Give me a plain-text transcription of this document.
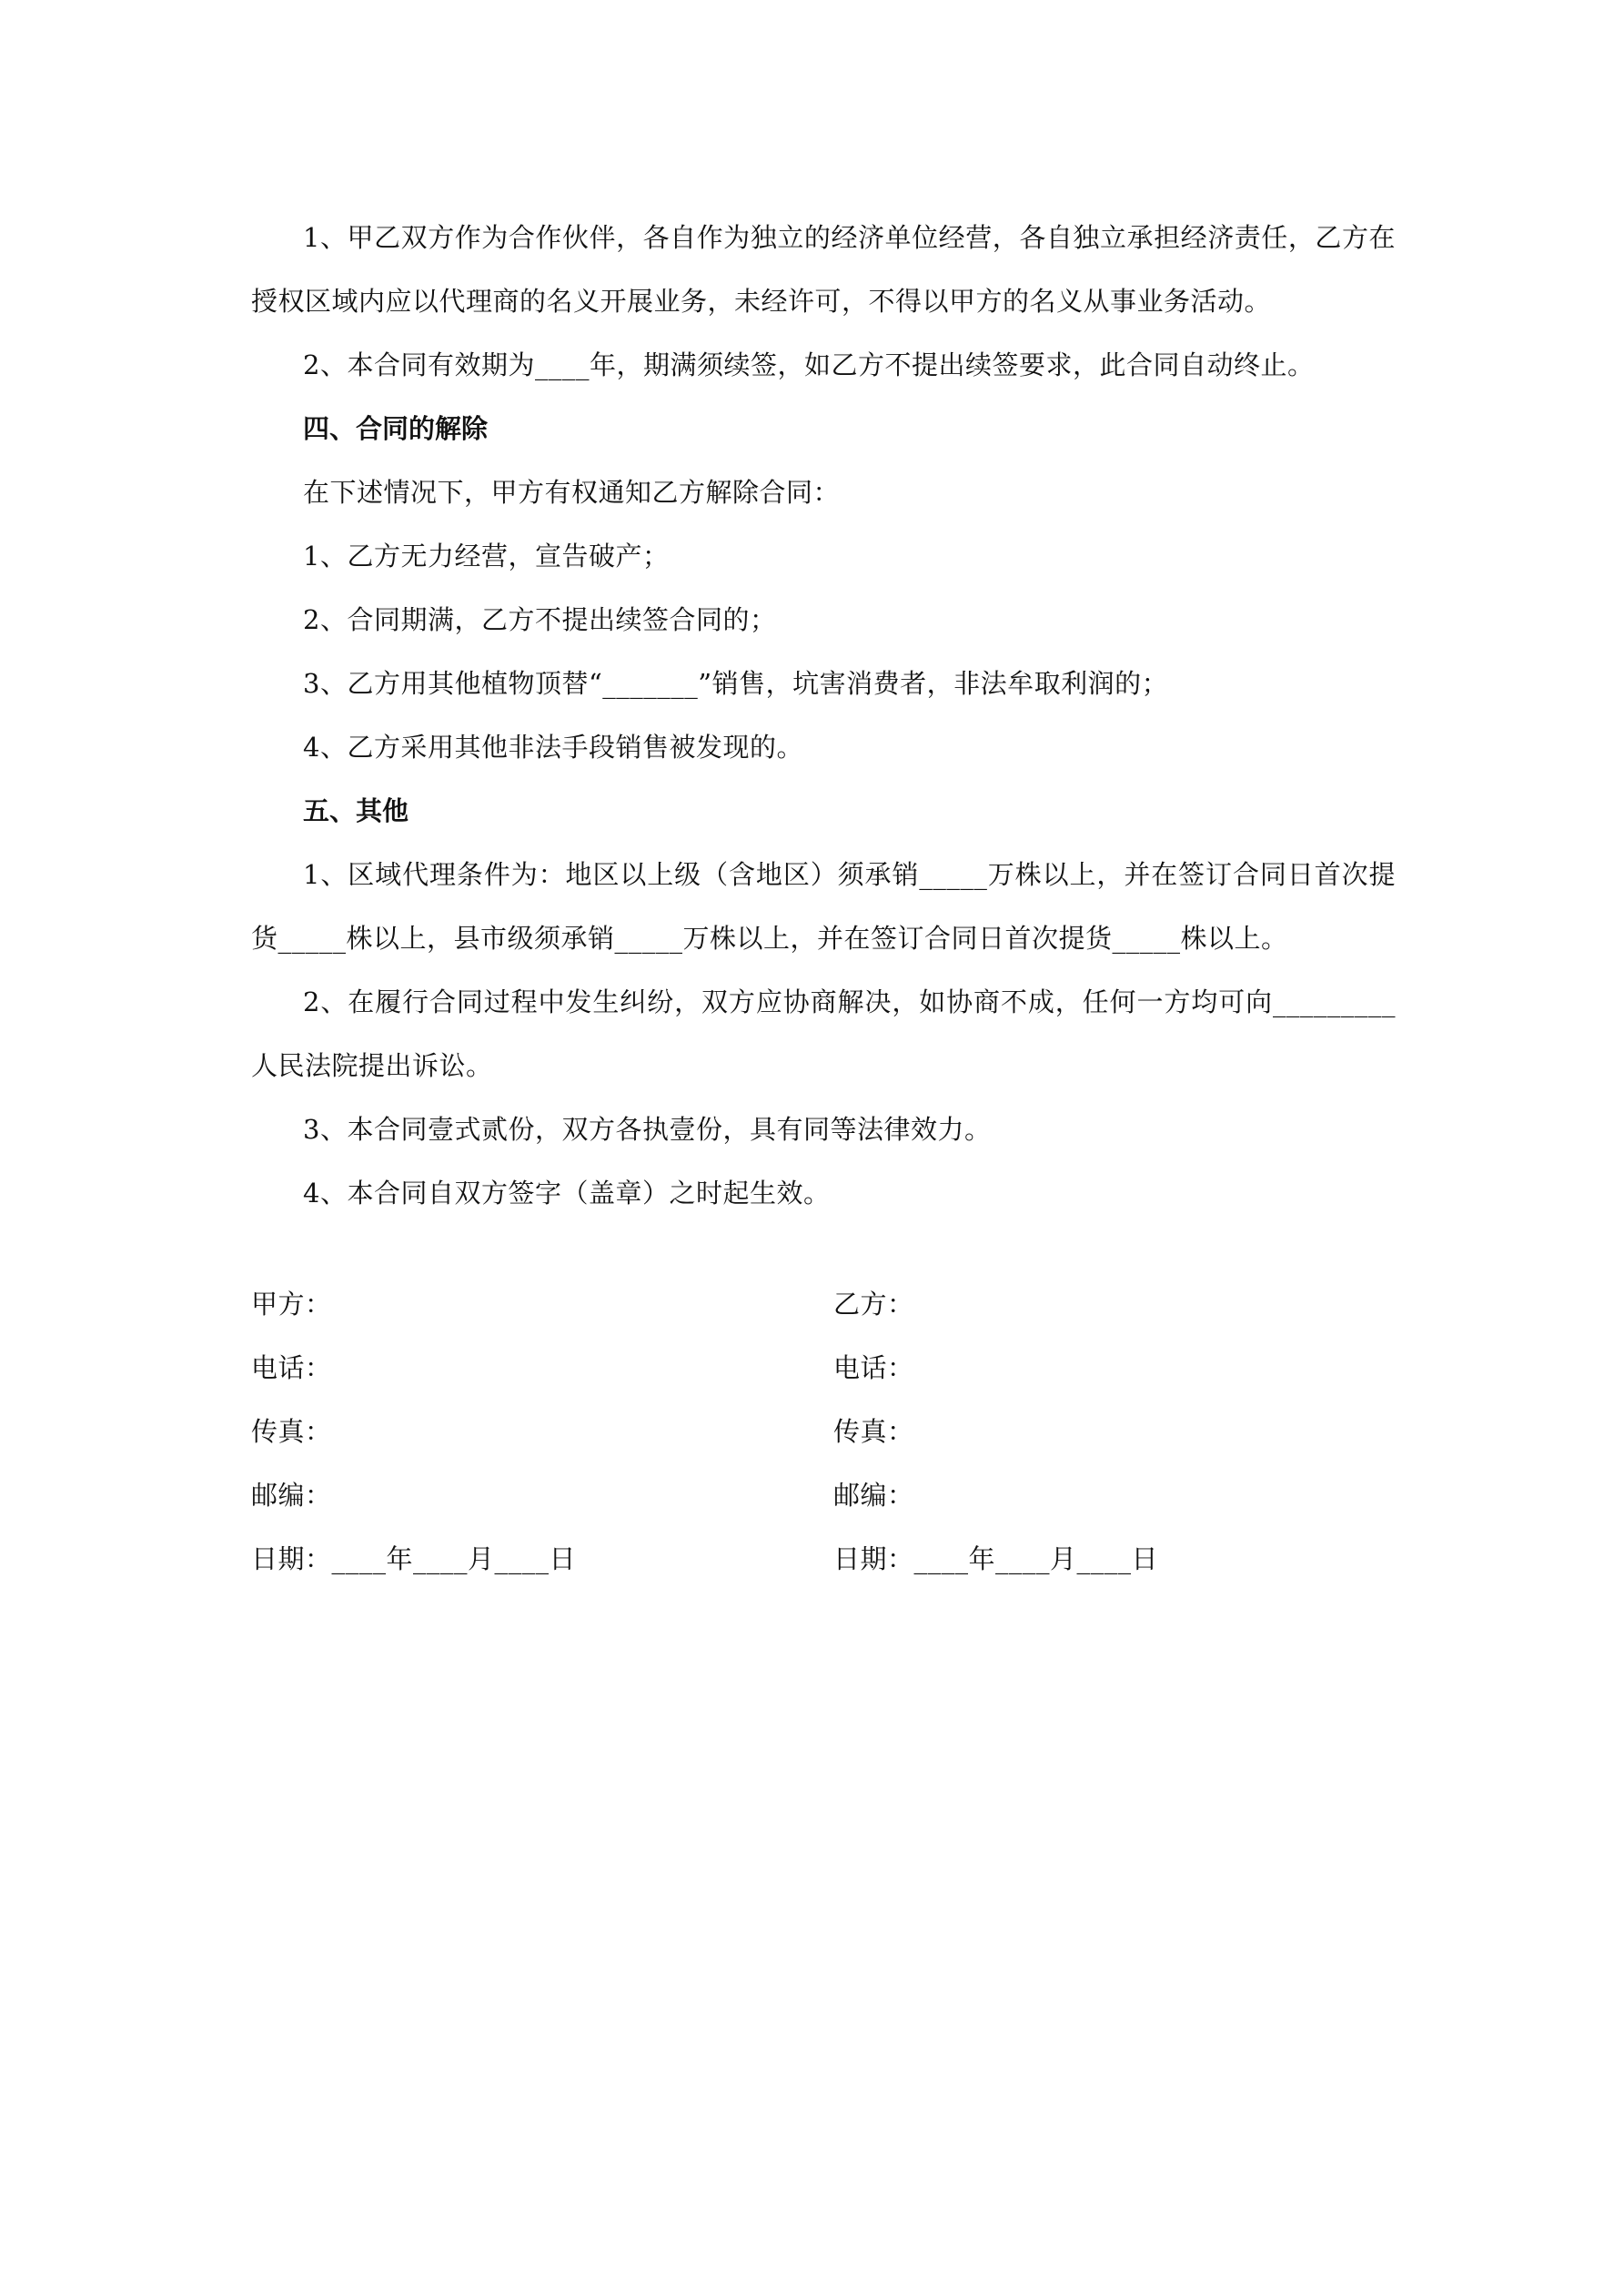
1、甲乙双方作为合作伙伴，各自作为独立的经济单位经营，各自独立承担经济责任，乙方在授权区域内应以代理商的名义开展业务，未经许可，不得以甲方的名义从事业务活动。

2、本合同有效期为____年，期满须续签，如乙方不提出续签要求，此合同自动终止。

四、合同的解除

在下述情况下，甲方有权通知乙方解除合同：

1、乙方无力经营，宣告破产；

2、合同期满，乙方不提出续签合同的；

3、乙方用其他植物顶替“_______”销售，坑害消费者，非法牟取利润的；

4、乙方采用其他非法手段销售被发现的。

五、其他

1、区域代理条件为：地区以上级（含地区）须承销_____万株以上，并在签订合同日首次提货_____株以上，县市级须承销_____万株以上，并在签订合同日首次提货_____株以上。

2、在履行合同过程中发生纠纷，双方应协商解决，如协商不成，任何一方均可向_________人民法院提出诉讼。

3、本合同壹式贰份，双方各执壹份，具有同等法律效力。

4、本合同自双方签字（盖章）之时起生效。

甲方：

电话：

传真：

邮编：

日期：____年____月____日

乙方：

电话：

传真：

邮编：

日期：____年____月____日
